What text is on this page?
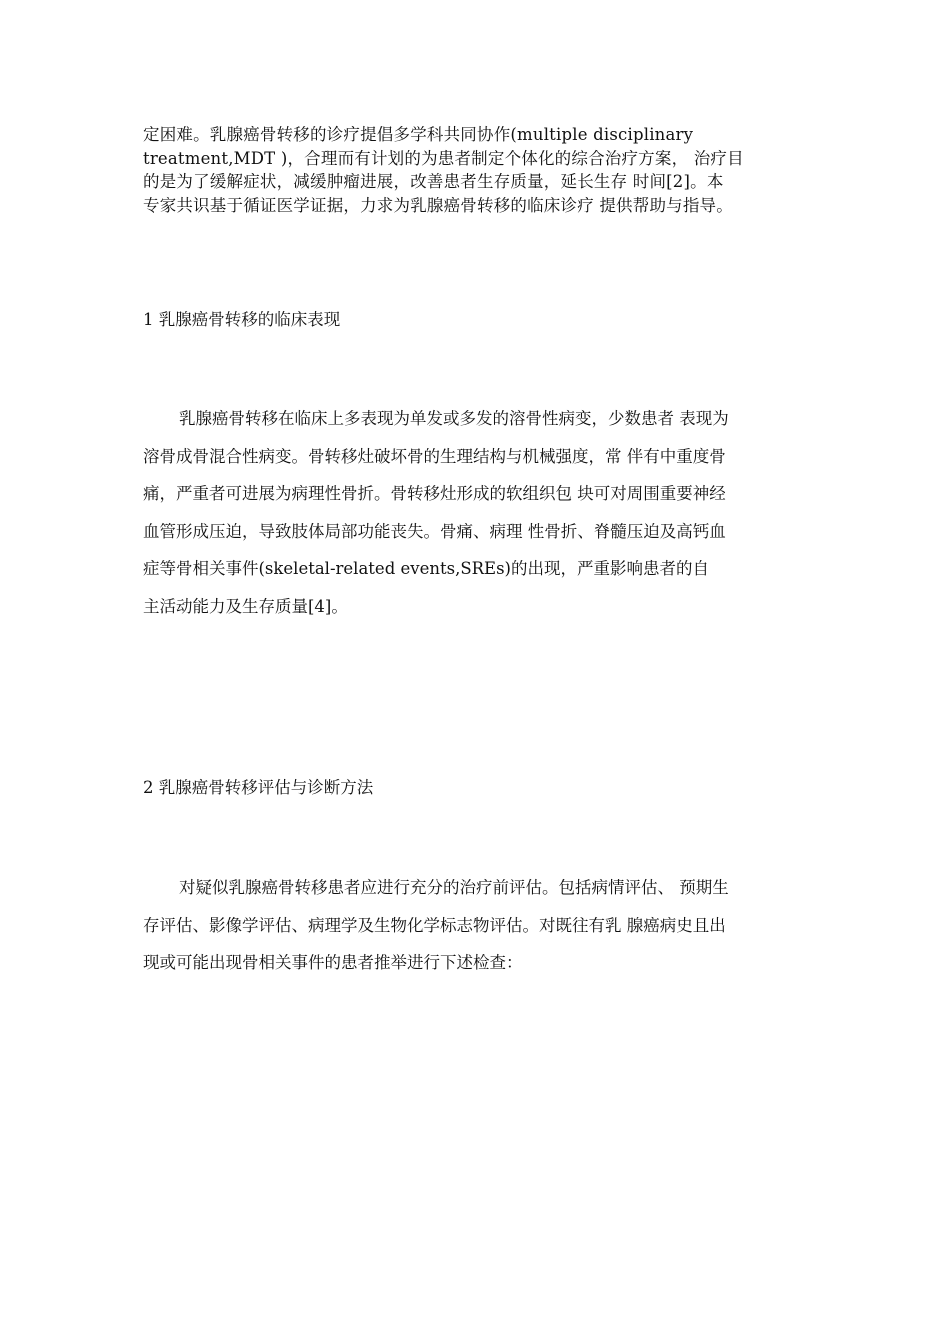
定困难。乳腺癌骨转移的诊疗提倡多学科共同协作(multiple disciplinary
treatment,MDT )，合理而有计划的为患者制定个体化的综合治疗方案， 治疗目
的是为了缓解症状，减缓肿瘤进展，改善患者生存质量，延长生存 时间[2]。本
专家共识基于循证医学证据，力求为乳腺癌骨转移的临床诊疗 提供帮助与指导。
1 乳腺癌骨转移的临床表现
乳腺癌骨转移在临床上多表现为单发或多发的溶骨性病变，少数患者 表现为
溶骨成骨混合性病变。骨转移灶破坏骨的生理结构与机械强度，常 伴有中重度骨
痛，严重者可进展为病理性骨折。骨转移灶形成的软组织包 块可对周围重要神经
血管形成压迫，导致肢体局部功能丧失。骨痛、病理 性骨折、脊髓压迫及高钙血
症等骨相关事件(skeletal-related events,SREs)的出现，严重影响患者的自
主活动能力及生存质量[4]。
2 乳腺癌骨转移评估与诊断方法
对疑似乳腺癌骨转移患者应进行充分的治疗前评估。包括病情评估、 预期生
存评估、影像学评估、病理学及生物化学标志物评估。对既往有乳 腺癌病史且出
现或可能出现骨相关事件的患者推举进行下述检查：
